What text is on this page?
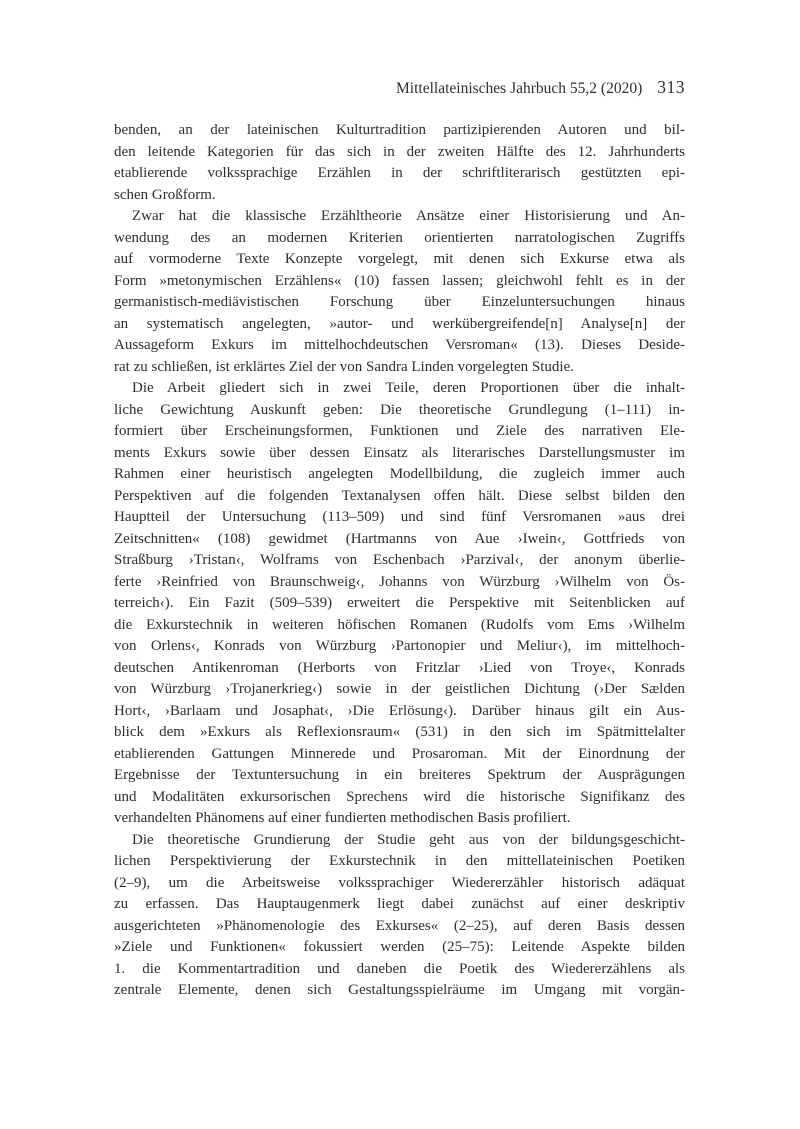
Mittellateinisches Jahrbuch 55,2 (2020) 313
benden, an der lateinischen Kulturtradition partizipierenden Autoren und bil-
den leitende Kategorien für das sich in der zweiten Hälfte des 12. Jahrhunderts
etablierende volkssprachige Erzählen in der schriftliterarisch gestützten epi-
schen Großform.
Zwar hat die klassische Erzähltheorie Ansätze einer Historisierung und An-
wendung des an modernen Kriterien orientierten narratologischen Zugriffs
auf vormoderne Texte Konzepte vorgelegt, mit denen sich Exkurse etwa als
Form »metonymischen Erzählens« (10) fassen lassen; gleichwohl fehlt es in der
germanistisch-mediävistischen Forschung über Einzeluntersuchungen hinaus
an systematisch angelegten, »autor- und werkübergreifende[n] Analyse[n] der
Aussageform Exkurs im mittelhochdeutschen Versroman« (13). Dieses Deside-
rat zu schließen, ist erklärtes Ziel der von Sandra Linden vorgelegten Studie.
Die Arbeit gliedert sich in zwei Teile, deren Proportionen über die inhalt-
liche Gewichtung Auskunft geben: Die theoretische Grundlegung (1–111) in-
formiert über Erscheinungsformen, Funktionen und Ziele des narrativen Ele-
ments Exkurs sowie über dessen Einsatz als literarisches Darstellungsmuster im
Rahmen einer heuristisch angelegten Modellbildung, die zugleich immer auch
Perspektiven auf die folgenden Textanalysen offen hält. Diese selbst bilden den
Hauptteil der Untersuchung (113–509) und sind fünf Versromanen »aus drei
Zeitschnitten« (108) gewidmet (Hartmanns von Aue ›Iwein‹, Gottfrieds von
Straßburg ›Tristan‹, Wolframs von Eschenbach ›Parzival‹, der anonym überlie-
ferte ›Reinfried von Braunschweig‹, Johanns von Würzburg ›Wilhelm von Ös-
terreich‹). Ein Fazit (509–539) erweitert die Perspektive mit Seitenblicken auf
die Exkurstechnik in weiteren höfischen Romanen (Rudolfs vom Ems ›Wilhelm
von Orlens‹, Konrads von Würzburg ›Partonopier und Meliur‹), im mittelhoch-
deutschen Antikenroman (Herborts von Fritzlar ›Lied von Troye‹, Konrads
von Würzburg ›Trojanerkrieg‹) sowie in der geistlichen Dichtung (›Der Sælden
Hort‹, ›Barlaam und Josaphat‹, ›Die Erlösung‹). Darüber hinaus gilt ein Aus-
blick dem »Exkurs als Reflexionsraum« (531) in den sich im Spätmittelalter
etablierenden Gattungen Minnerede und Prosaroman. Mit der Einordnung der
Ergebnisse der Textuntersuchung in ein breiteres Spektrum der Ausprägungen
und Modalitäten exkursorischen Sprechens wird die historische Signifikanz des
verhandelten Phänomens auf einer fundierten methodischen Basis profiliert.
Die theoretische Grundierung der Studie geht aus von der bildungsgeschicht-
lichen Perspektivierung der Exkurstechnik in den mittellateinischen Poetiken
(2–9), um die Arbeitsweise volkssprachiger Wiedererzähler historisch adäquat
zu erfassen. Das Hauptaugenmerk liegt dabei zunächst auf einer deskriptiv
ausgerichteten »Phänomenologie des Exkurses« (2–25), auf deren Basis dessen
»Ziele und Funktionen« fokussiert werden (25–75): Leitende Aspekte bilden
1. die Kommentartradition und daneben die Poetik des Wiedererzählens als
zentrale Elemente, denen sich Gestaltungsspielräume im Umgang mit vorgän-
